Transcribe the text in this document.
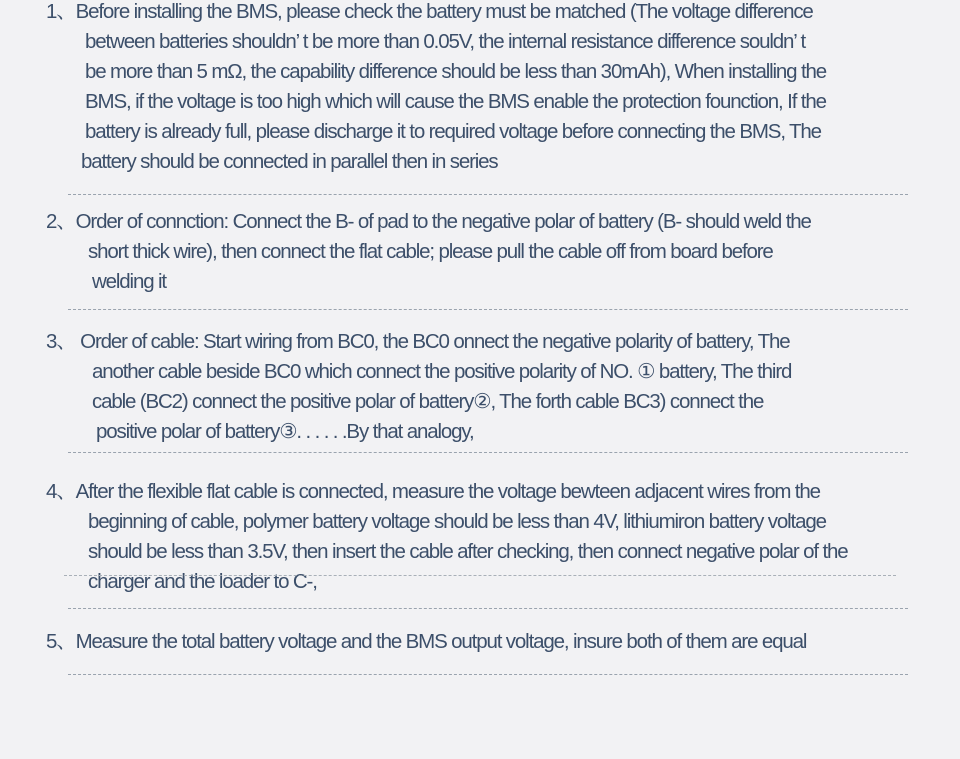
1、Before installing the BMS, please check the battery must be matched (The voltage difference
between batteries shouldn’ t be more than 0.05V, the internal resistance difference souldn’ t
be more than 5 mΩ, the capability difference should be less than 30mAh), When installing the
BMS, if the voltage is too high which will cause the BMS enable the protection founction, If the
battery is already full, please discharge it to required voltage before connecting the BMS, The
battery should be connected in parallel then in series
2、Order of connction: Connect the B- of pad to the negative polar of battery (B- should weld the
short thick wire), then connect the flat cable; please pull the cable off from board before
welding it
3、 Order of cable: Start wiring from BC0, the BC0 onnect the negative polarity of battery, The
another cable beside BC0 which connect the positive polarity of NO. ① battery, The third
cable (BC2) connect the positive polar of battery②, The forth cable BC3) connect the
positive polar of battery③. . . . . .By that analogy,
4、After the flexible flat cable is connected, measure the voltage bewteen adjacent wires from the
beginning of cable, polymer battery voltage should be less than 4V, lithiumiron battery voltage
should be less than 3.5V, then insert the cable after checking, then connect negative polar of the
charger and the loader to C-,
5、Measure the total battery voltage and the BMS output voltage, insure both of them are equal
